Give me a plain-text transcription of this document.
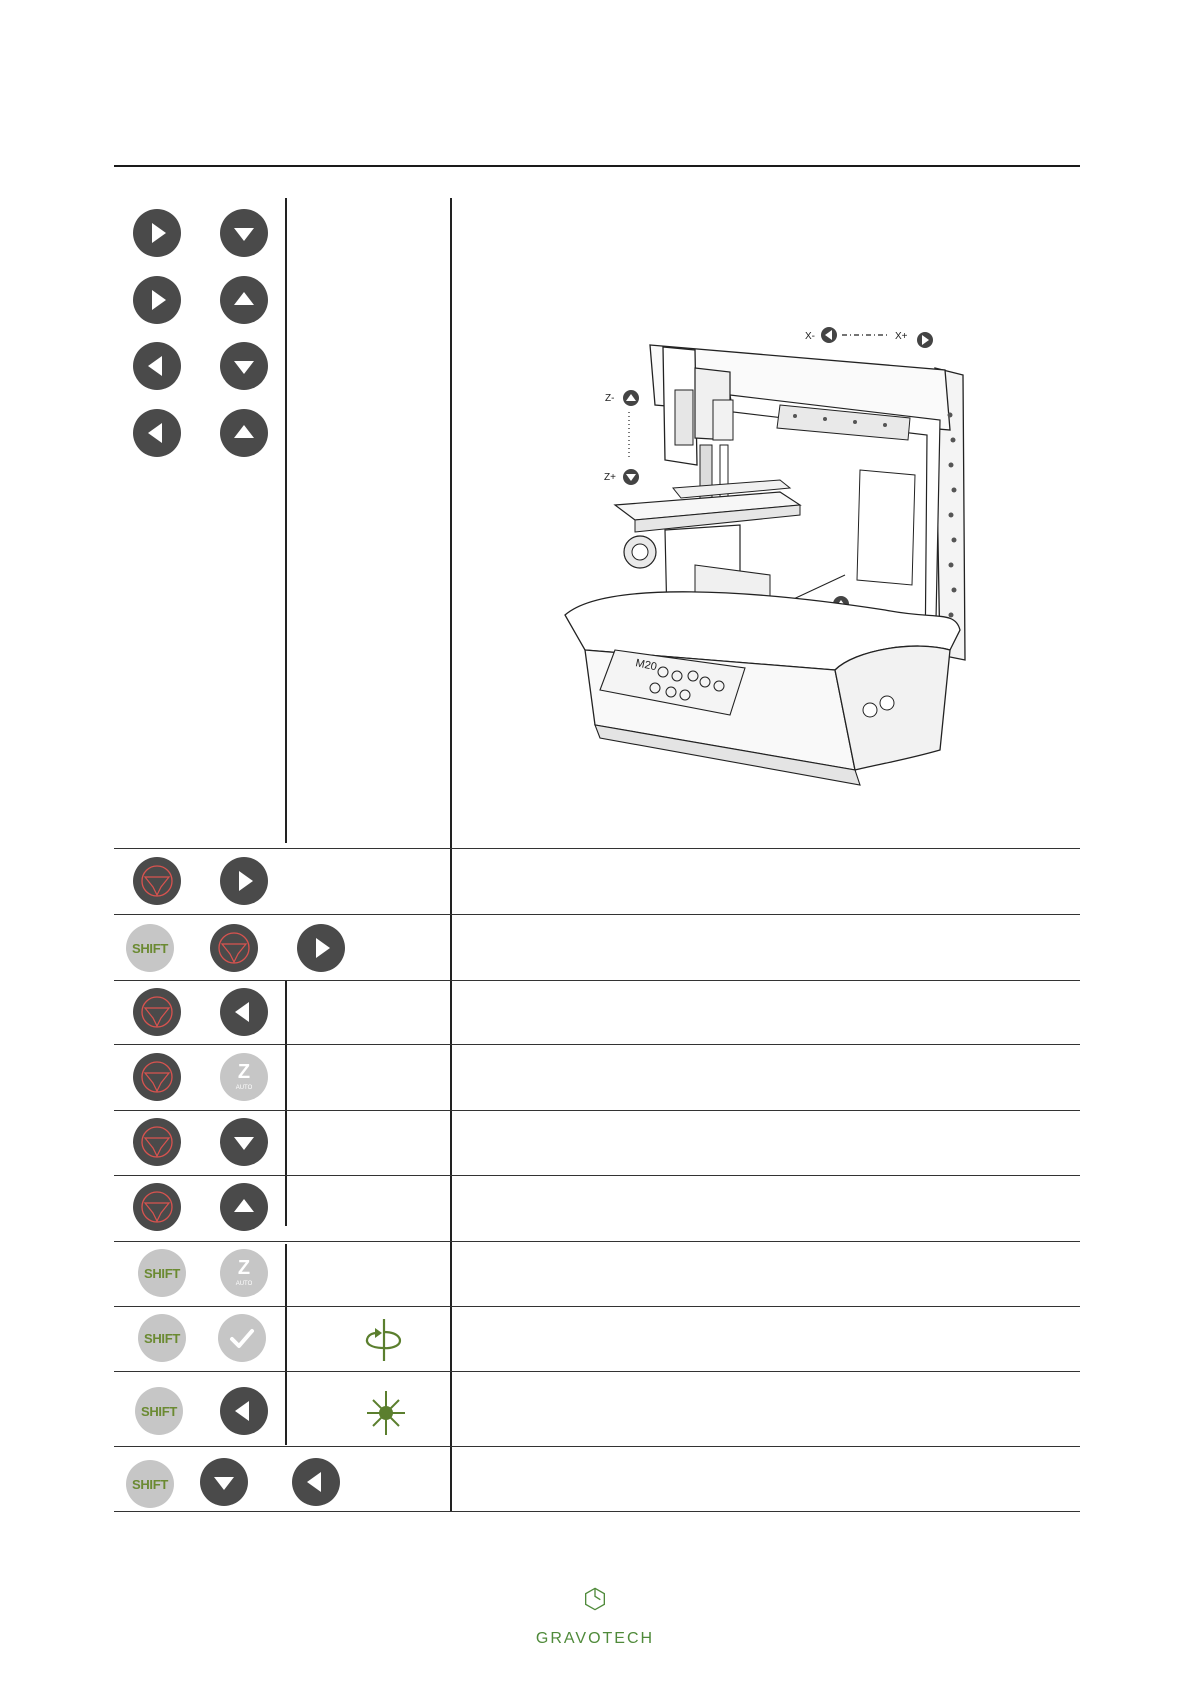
X-	X+
Z-
Z+
M20
SHIFT
Z
AUTO
SHIFT	Z
AUTO
SHIFT
SHIFT
SHIFT
GRAVOTECH
